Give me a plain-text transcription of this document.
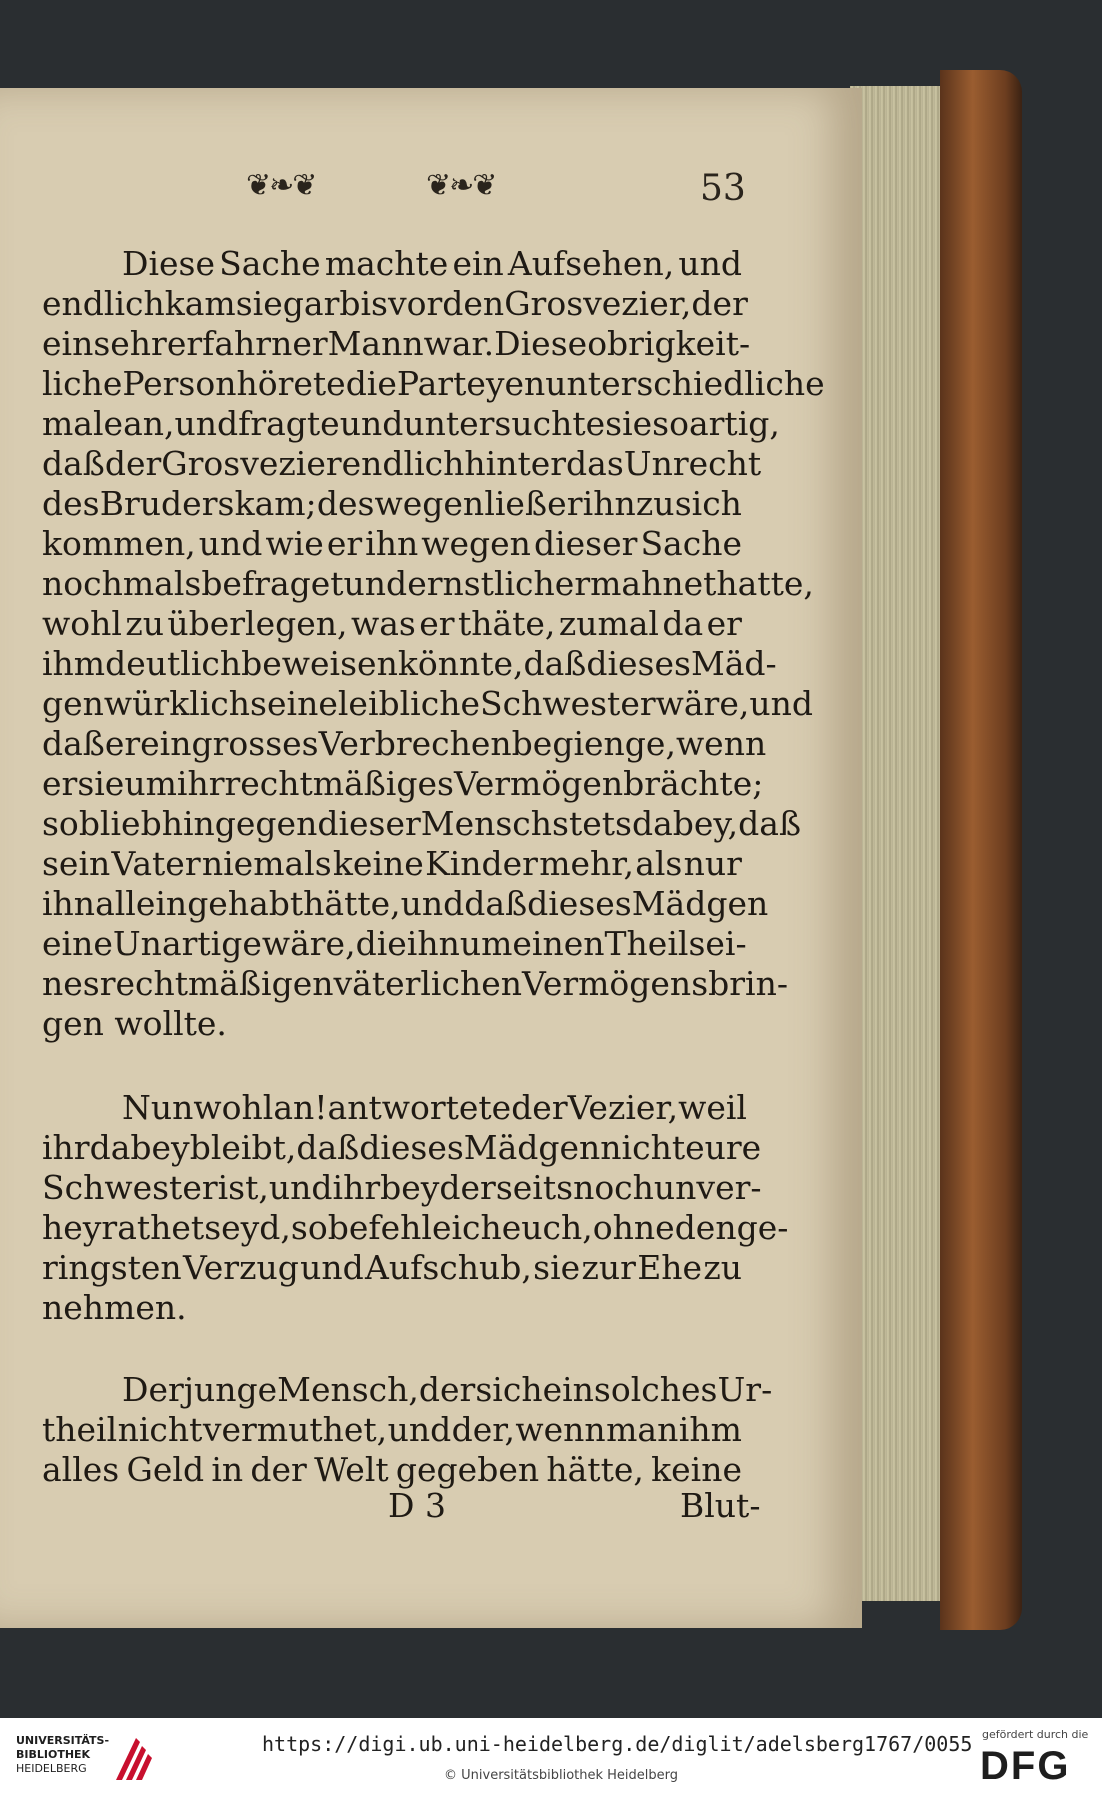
❦❧❦	❦❧❦	53
Diese Sache machte ein Aufsehen, und
endlich kam sie gar bis vor den Grosvezier, der
ein sehr erfahrner Mann war. Diese obrigkeit-
liche Person hörete die Parteyen unterschiedliche
male an, und fragte und untersuchte sie so artig,
daß der Grosvezier endlich hinter das Unrecht
des Bruders kam; deswegen ließ er ihn zu sich
kommen, und wie er ihn wegen dieser Sache
nochmals befraget und ernstlich ermahnet hatte,
wohl zu überlegen, was er thäte, zumal da er
ihm deutlich beweisen könnte, daß dieses Mäd-
gen würklich seine leibliche Schwester wäre, und
daß er ein grosses Verbrechen begienge, wenn
er sie um ihr rechtmäßiges Vermögen brächte;
so blieb hingegen dieser Mensch stets dabey, daß
sein Vater niemals keine Kinder mehr, als nur
ihn allein gehabt hätte, und daß dieses Mädgen
eine Unartige wäre, die ihn um einen Theil sei-
nes rechtmäßigen väterlichen Vermögens brin-
gen wollte.
Nun wohlan! antwortete der Vezier, weil
ihr dabey bleibt, daß dieses Mädgen nicht eure
Schwester ist, und ihr beyderseits noch unver-
heyrathet seyd, so befehle ich euch, ohne den ge-
ringsten Verzug und Aufschub, sie zur Ehe zu
nehmen.
Der junge Mensch, der sich ein solches Ur-
theil nicht vermuthet, und der, wenn man ihm
alles Geld in der Welt gegeben hätte, keine
D 3	Blut-
UNIVERSITÄTS-
BIBLIOTHEK
HEIDELBERG
https://digi.ub.uni-heidelberg.de/diglit/adelsberg1767/0055
© Universitätsbibliothek Heidelberg
gefördert durch die
DFG
